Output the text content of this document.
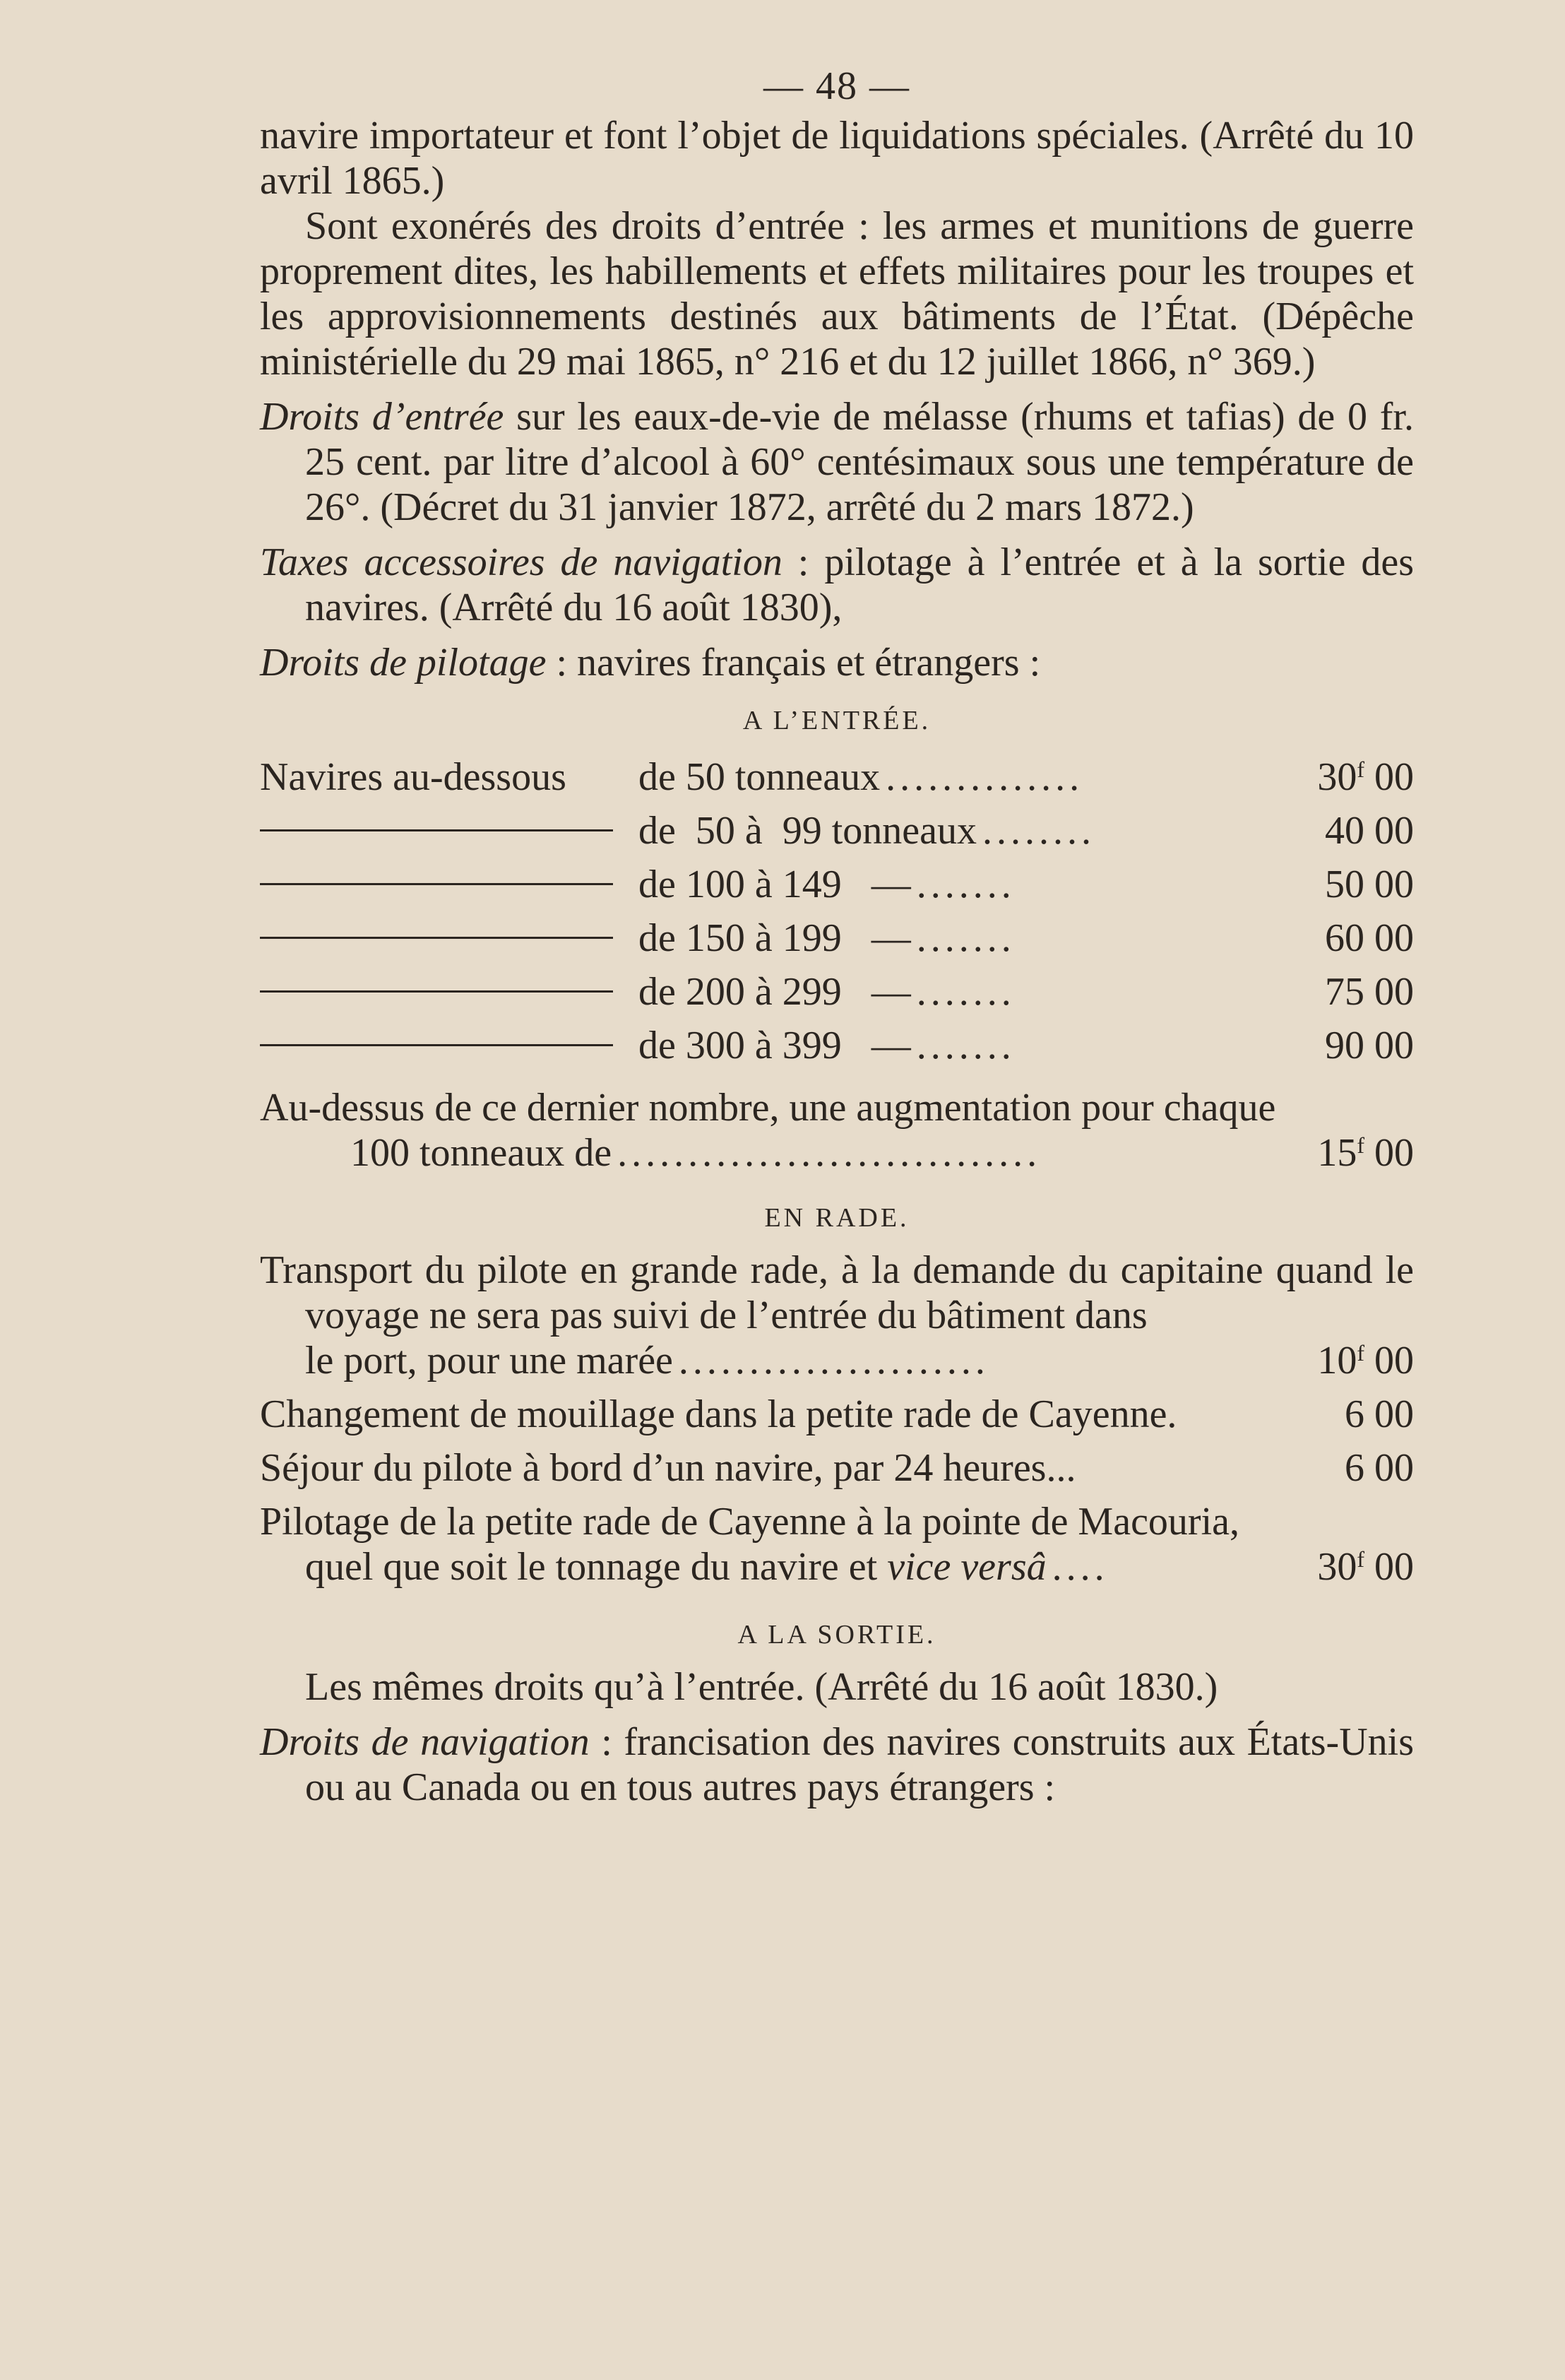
— 48 —

navire importateur et font l’objet de liquidations spéciales. (Arrêté du 10 avril 1865.)

Sont exonérés des droits d’entrée : les armes et munitions de guerre proprement dites, les habillements et effets militaires pour les troupes et les approvisionnements destinés aux bâtiments de l’État. (Dépêche ministérielle du 29 mai 1865, n° 216 et du 12 juillet 1866, n° 369.)

Droits d’entrée sur les eaux-de-vie de mélasse (rhums et tafias) de 0 fr. 25 cent. par litre d’alcool à 60° centésimaux sous une température de 26°. (Décret du 31 janvier 1872, arrêté du 2 mars 1872.)

Taxes accessoires de navigation : pilotage à l’entrée et à la sortie des navires. (Arrêté du 16 août 1830),

Droits de pilotage : navires français et étrangers :

A L’ENTRÉE.
Navires au-dessous	de 50 tonneaux ..............	30$^f$ 00
de  50 à  99 tonneaux ........	40 00
de 100 à 149   — .......	50 00
de 150 à 199   — .......	60 00
de 200 à 299   — .......	75 00
de 300 à 399   — .......	90 00
Au-dessus de ce dernier nombre, une augmentation pour chaque
100 tonneaux de ..............................	15$^f$ 00
EN RADE.
Transport du pilote en grande rade, à la demande du capitaine quand le voyage ne sera pas suivi de l’entrée du bâtiment dans
le port, pour une marée ......................	10$^f$ 00
Changement de mouillage dans la petite rade de Cayenne.	6 00
Séjour du pilote à bord d’un navire, par 24 heures...	6 00
Pilotage de la petite rade de Cayenne à la pointe de Macouria,
quel que soit le tonnage du navire et vice versâ ....	30$^f$ 00
A LA SORTIE.

Les mêmes droits qu’à l’entrée. (Arrêté du 16 août 1830.)

Droits de navigation : francisation des navires construits aux États-Unis ou au Canada ou en tous autres pays étrangers :
